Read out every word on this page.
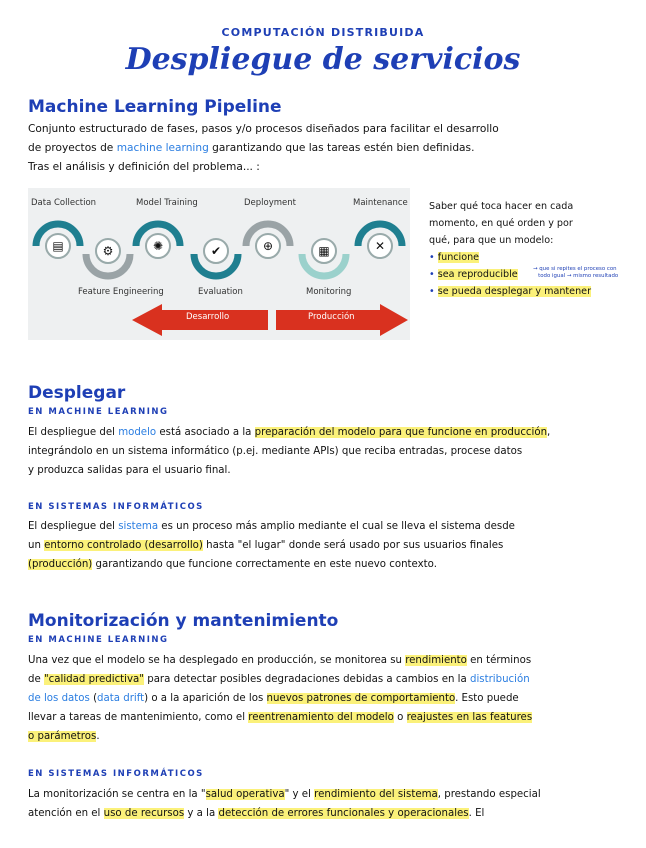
COMPUTACIÓN DISTRIBUIDA
Despliegue de servicios
Machine Learning Pipeline
Conjunto estructurado de fases, pasos y/o procesos diseñados para facilitar el desarrollo
de proyectos de machine learning garantizando que las tareas estén bien definidas.
Tras el análisis y definición del problema... :
Data Collection	Model Training	Deployment	Maintenance
▤	⚙	✺	✔	⊕	▦	✕
Feature Engineering	Evaluation	Monitoring
Desarrollo	Producción
Saber qué toca hacer en cada
momento, en qué orden y por
qué, para que un modelo:
• funcione
• sea reproducible	→ que si repites el proceso con
todo igual → mismo resultado
• se pueda desplegar y mantener
Desplegar
EN MACHINE LEARNING
El despliegue del modelo está asociado a la preparación del modelo para que funcione en producción,
integrándolo en un sistema informático (p.ej. mediante APIs) que reciba entradas, procese datos
y produzca salidas para el usuario final.
EN SISTEMAS INFORMÁTICOS
El despliegue del sistema es un proceso más amplio mediante el cual se lleva el sistema desde
un entorno controlado (desarrollo) hasta "el lugar" donde será usado por sus usuarios finales
(producción) garantizando que funcione correctamente en este nuevo contexto.
Monitorización y mantenimiento
EN MACHINE LEARNING
Una vez que el modelo se ha desplegado en producción, se monitorea su rendimiento en términos
de "calidad predictiva" para detectar posibles degradaciones debidas a cambios en la distribución
de los datos (data drift) o a la aparición de los nuevos patrones de comportamiento. Esto puede
llevar a tareas de mantenimiento, como el reentrenamiento del modelo o reajustes en las features
o parámetros.
EN SISTEMAS INFORMÁTICOS
La monitorización se centra en la "salud operativa" y el rendimiento del sistema, prestando especial
atención en el uso de recursos y a la detección de errores funcionales y operacionales. El
